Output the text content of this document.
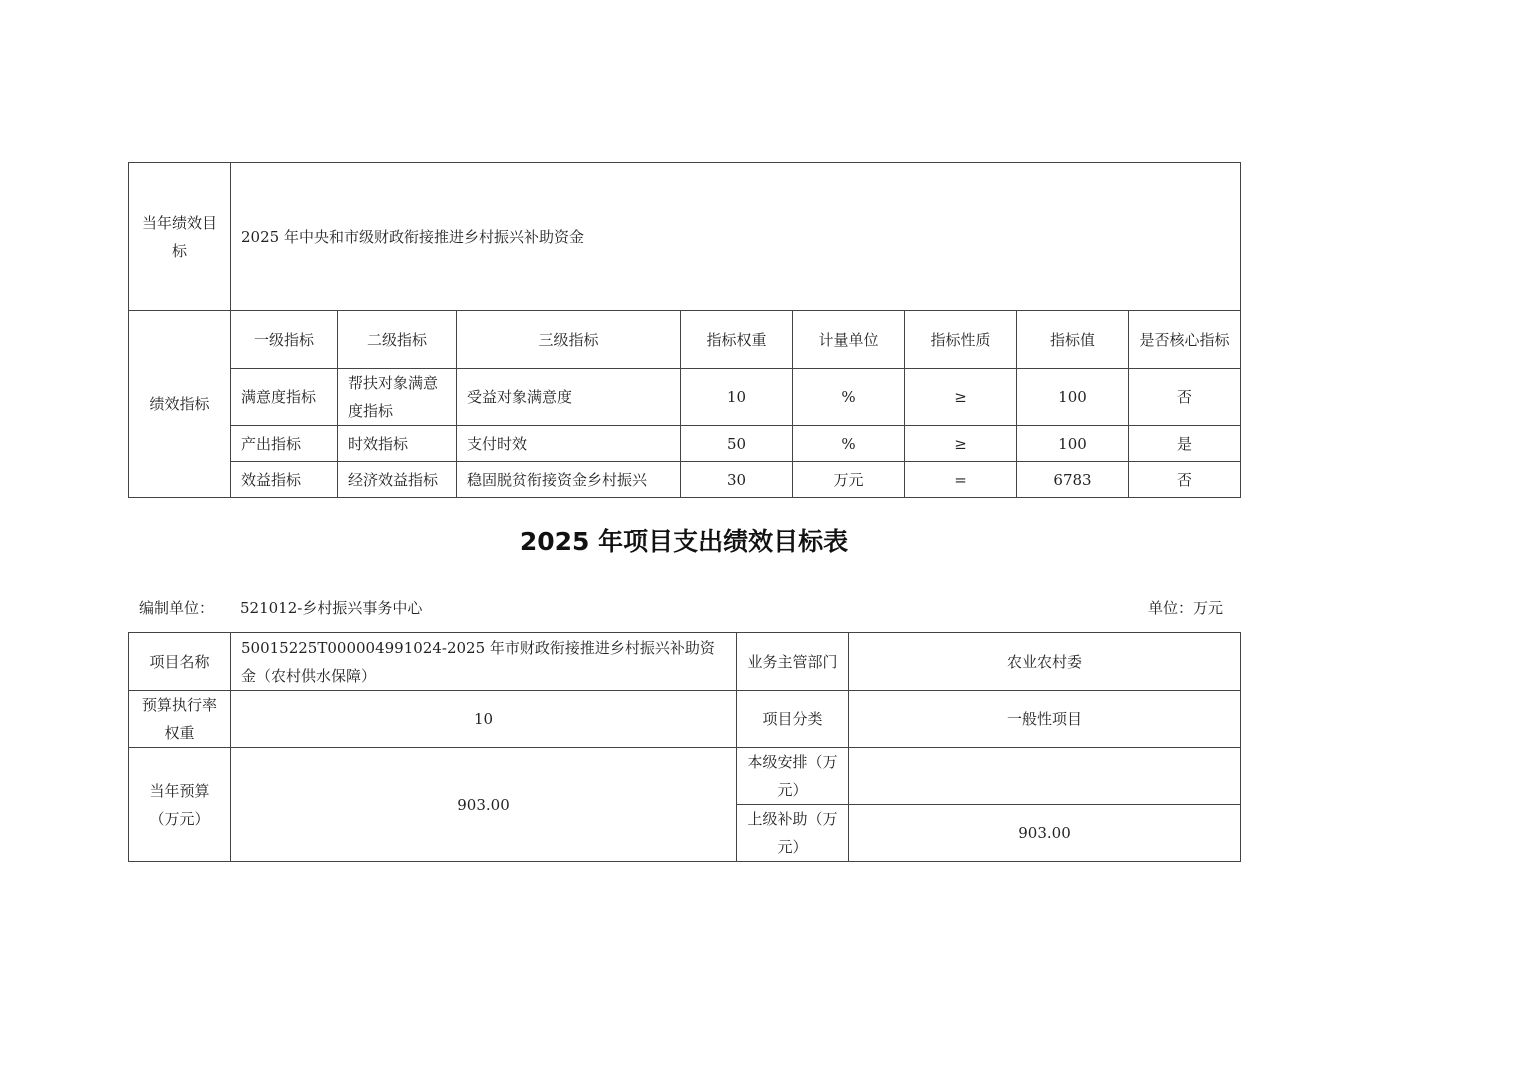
当年绩效目标	2025 年中央和市级财政衔接推进乡村振兴补助资金							
绩效指标	一级指标	二级指标	三级指标	指标权重	计量单位	指标性质	指标值	是否核心指标
	满意度指标	帮扶对象满意度指标	受益对象满意度	10	%	≥	100	否
	产出指标	时效指标	支付时效	50	%	≥	100	是
	效益指标	经济效益指标	稳固脱贫衔接资金乡村振兴	30	万元	=	6783	否
2025 年项目支出绩效目标表
编制单位： 521012-乡村振兴事务中心	单位：万元
项目名称	50015225T000004991024-2025 年市财政衔接推进乡村振兴补助资金（农村供水保障）	业务主管部门	农业农村委
预算执行率权重	10	项目分类	一般性项目
当年预算（万元）	903.00	本级安排（万元）	
		上级补助（万元）	903.00
